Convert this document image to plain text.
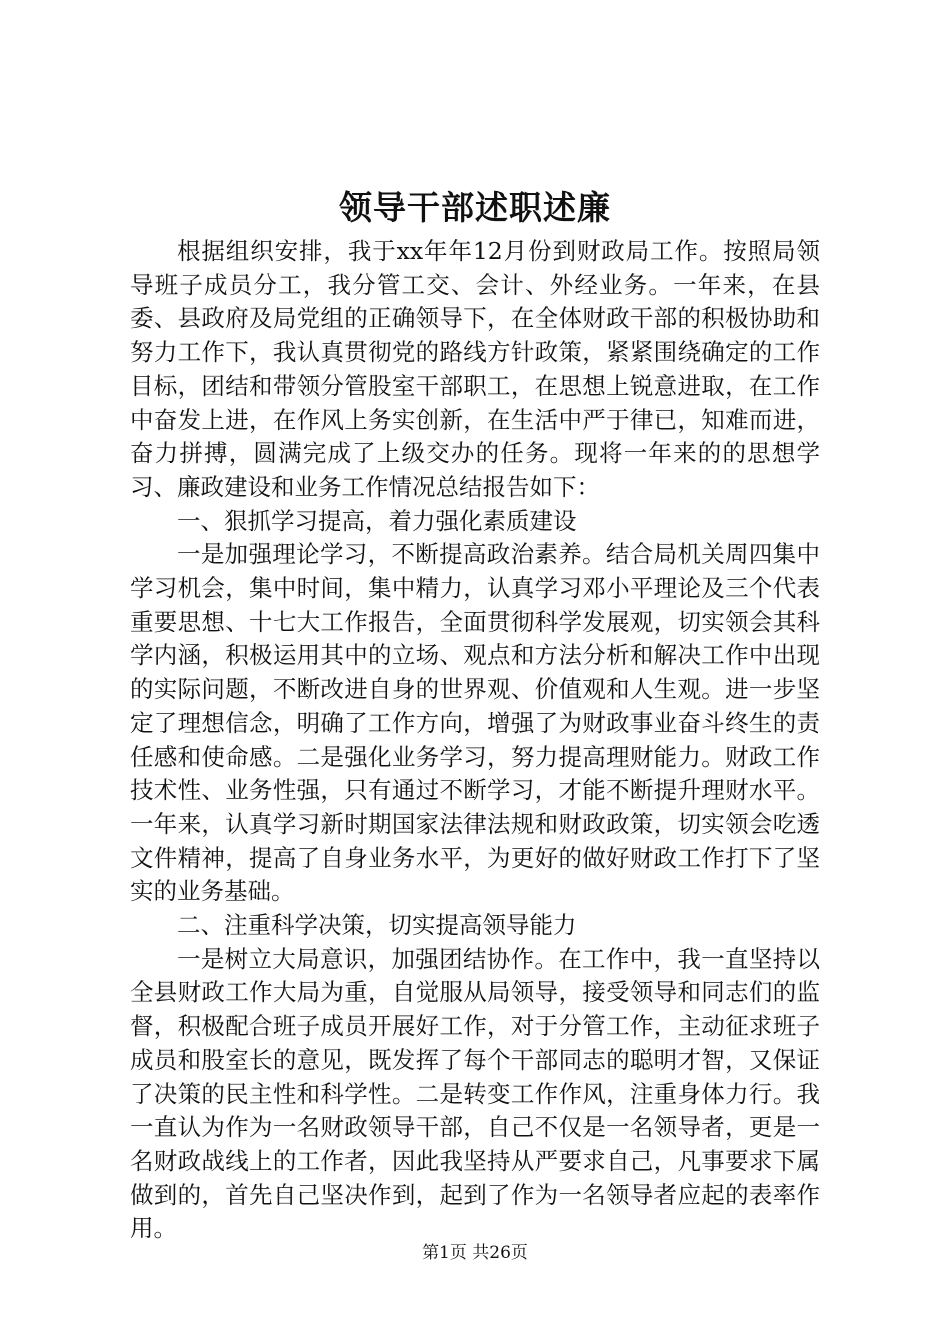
领导干部述职述廉

根据组织安排，我于xx年年12月份到财政局工作。按照局领导班子成员分工，我分管工交、会计、外经业务。一年来，在县委、县政府及局党组的正确领导下，在全体财政干部的积极协助和努力工作下，我认真贯彻党的路线方针政策，紧紧围绕确定的工作目标，团结和带领分管股室干部职工，在思想上锐意进取，在工作中奋发上进，在作风上务实创新，在生活中严于律已，知难而进，奋力拼搏，圆满完成了上级交办的任务。现将一年来的的思想学习、廉政建设和业务工作情况总结报告如下：

一、狠抓学习提高，着力强化素质建设

一是加强理论学习，不断提高政治素养。结合局机关周四集中学习机会，集中时间，集中精力，认真学习邓小平理论及三个代表重要思想、十七大工作报告，全面贯彻科学发展观，切实领会其科学内涵，积极运用其中的立场、观点和方法分析和解决工作中出现的实际问题，不断改进自身的世界观、价值观和人生观。进一步坚定了理想信念，明确了工作方向，增强了为财政事业奋斗终生的责任感和使命感。二是强化业务学习，努力提高理财能力。财政工作技术性、业务性强，只有通过不断学习，才能不断提升理财水平。一年来，认真学习新时期国家法律法规和财政政策，切实领会吃透文件精神，提高了自身业务水平，为更好的做好财政工作打下了坚实的业务基础。

二、注重科学决策，切实提高领导能力

一是树立大局意识，加强团结协作。在工作中，我一直坚持以全县财政工作大局为重，自觉服从局领导，接受领导和同志们的监督，积极配合班子成员开展好工作，对于分管工作，主动征求班子成员和股室长的意见，既发挥了每个干部同志的聪明才智，又保证了决策的民主性和科学性。二是转变工作作风，注重身体力行。我一直认为作为一名财政领导干部，自己不仅是一名领导者，更是一名财政战线上的工作者，因此我坚持从严要求自己，凡事要求下属做到的，首先自己坚决作到，起到了作为一名领导者应起的表率作用。

第1页 共26页
